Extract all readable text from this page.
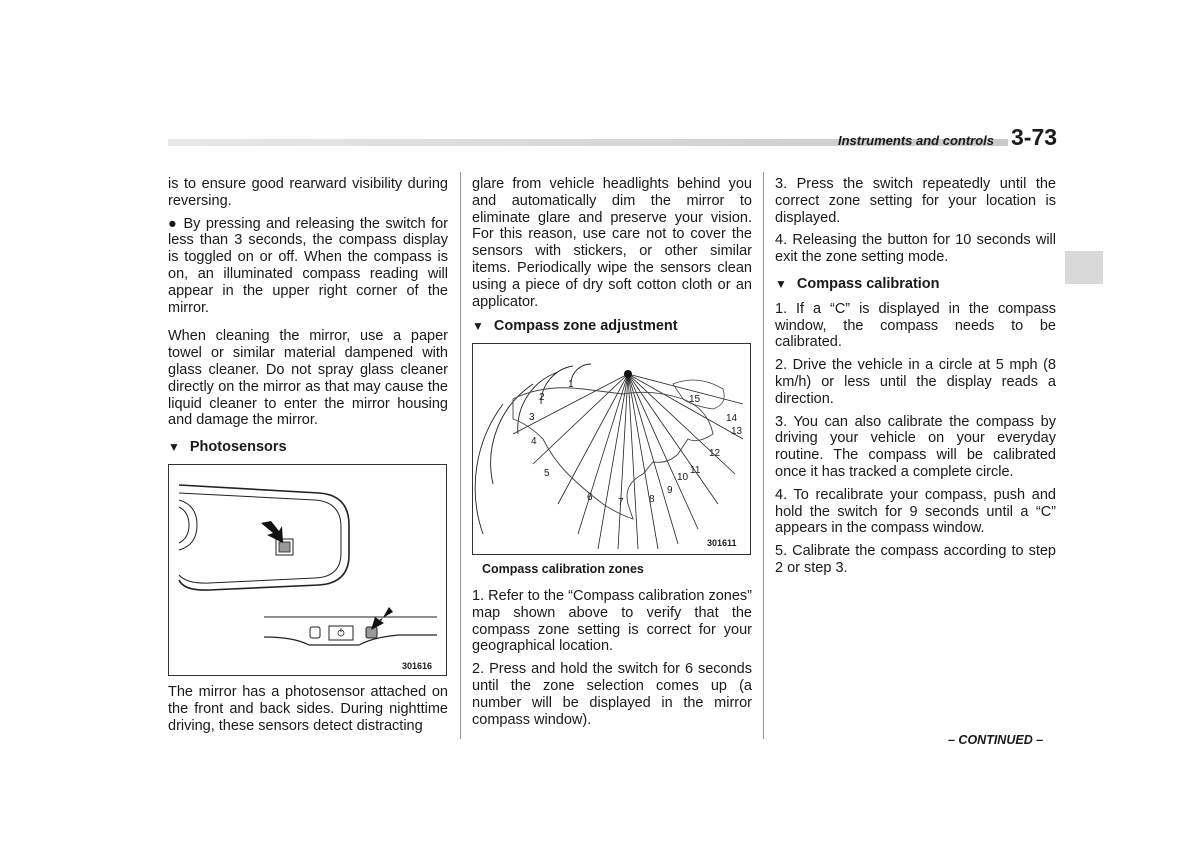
Instruments and controls 3-73

is to ensure good rearward visibility during reversing.

● By pressing and releasing the switch for less than 3 seconds, the compass display is toggled on or off. When the compass is on, an illuminated compass reading will appear in the upper right corner of the mirror.

When cleaning the mirror, use a paper towel or similar material dampened with glass cleaner. Do not spray glass cleaner directly on the mirror as that may cause the liquid cleaner to enter the mirror housing and damage the mirror.

▼ Photosensors
301616

The mirror has a photosensor attached on the front and back sides. During nighttime driving, these sensors detect distracting

glare from vehicle headlights behind you and automatically dim the mirror to eliminate glare and preserve your vision. For this reason, use care not to cover the sensors with stickers, or other similar items. Periodically wipe the sensors clean using a piece of dry soft cotton cloth or an applicator.

▼ Compass zone adjustment
1
2
3
4
5
6	7	8
9
10
11
12
13
14
15
301611
Compass calibration zones

1. Refer to the “Compass calibration zones” map shown above to verify that the compass zone setting is correct for your geographical location.

2. Press and hold the switch for 6 seconds until the zone selection comes up (a number will be displayed in the mirror compass window).

3. Press the switch repeatedly until the correct zone setting for your location is displayed.

4. Releasing the button for 10 seconds will exit the zone setting mode.

▼ Compass calibration

1. If a “C” is displayed in the compass window, the compass needs to be calibrated.

2. Drive the vehicle in a circle at 5 mph (8 km/h) or less until the display reads a direction.

3. You can also calibrate the compass by driving your vehicle on your everyday routine. The compass will be calibrated once it has tracked a complete circle.

4. To recalibrate your compass, push and hold the switch for 9 seconds until a “C” appears in the compass window.

5. Calibrate the compass according to step 2 or step 3.

– CONTINUED –
